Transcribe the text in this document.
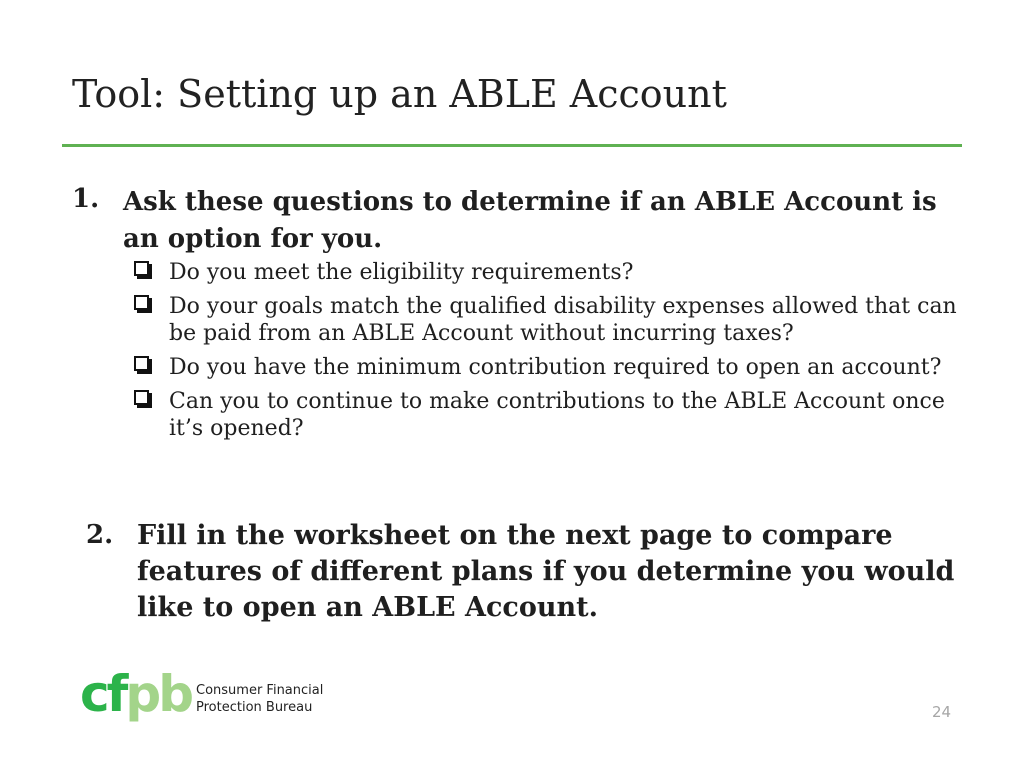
Tool: Setting up an ABLE Account
1. Ask these questions to determine if an ABLE Account is an option for you.
Do you meet the eligibility requirements?
Do your goals match the qualified disability expenses allowed that can be paid from an ABLE Account without incurring taxes?
Do you have the minimum contribution required to open an account?
Can you to continue to make contributions to the ABLE Account once it’s opened?
2. Fill in the worksheet on the next page to compare features of different plans if you determine you would like to open an ABLE Account.
cfpb Consumer Financial
Protection Bureau	24
